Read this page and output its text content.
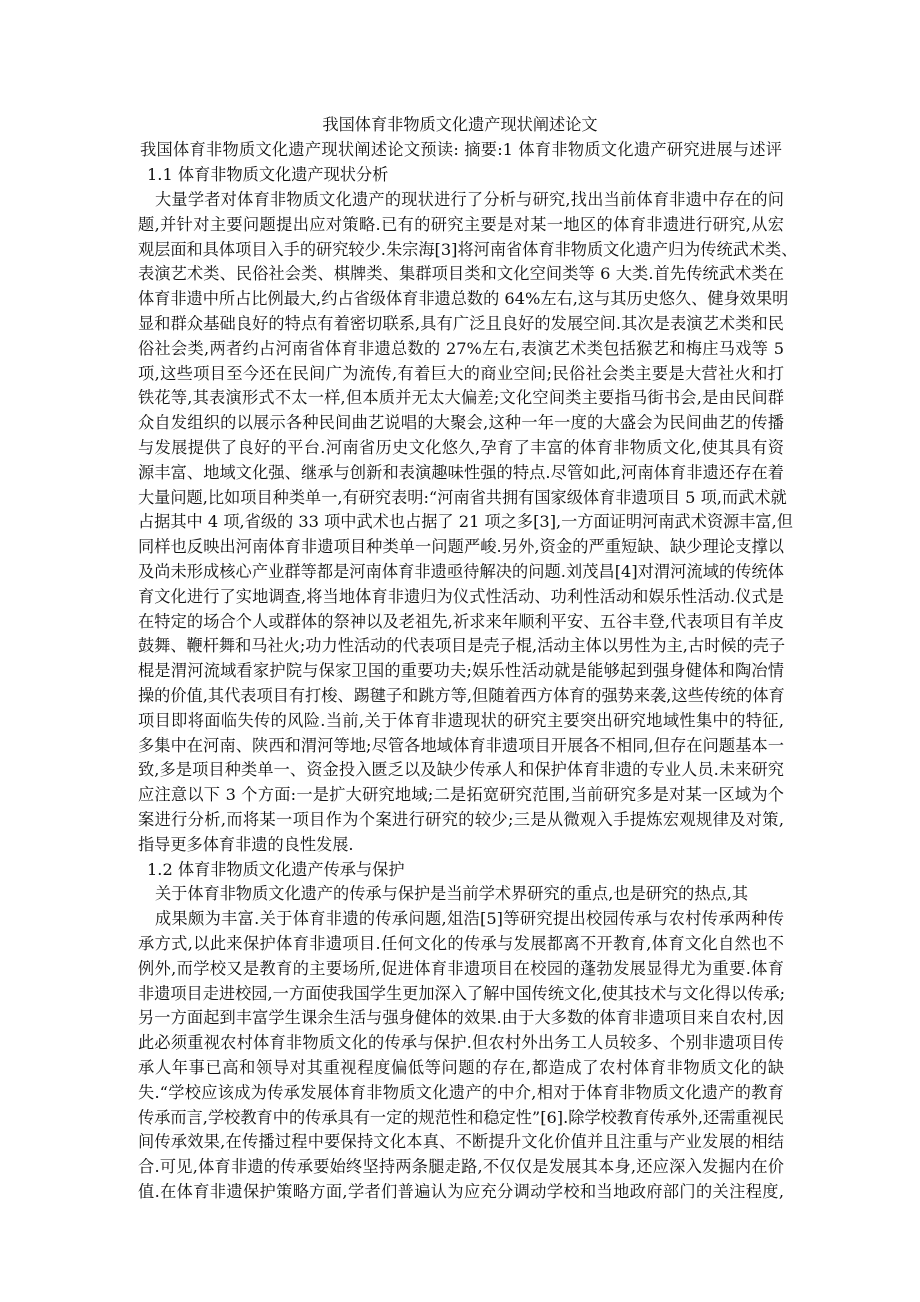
我国体育非物质文化遗产现状阐述论文
我国体育非物质文化遗产现状阐述论文预读: 摘要:1 体育非物质文化遗产研究进展与述评
1.1 体育非物质文化遗产现状分析
大量学者对体育非物质文化遗产的现状进行了分析与研究,找出当前体育非遗中存在的问
题,并针对主要问题提出应对策略.已有的研究主要是对某一地区的体育非遗进行研究,从宏
观层面和具体项目入手的研究较少.朱宗海[3]将河南省体育非物质文化遗产归为传统武术类、
表演艺术类、民俗社会类、棋牌类、集群项目类和文化空间类等 6 大类.首先传统武术类在
体育非遗中所占比例最大,约占省级体育非遗总数的 64%左右,这与其历史悠久、健身效果明
显和群众基础良好的特点有着密切联系,具有广泛且良好的发展空间.其次是表演艺术类和民
俗社会类,两者约占河南省体育非遗总数的 27%左右,表演艺术类包括猴艺和梅庄马戏等 5
项,这些项目至今还在民间广为流传,有着巨大的商业空间;民俗社会类主要是大营社火和打
铁花等,其表演形式不太一样,但本质并无太大偏差;文化空间类主要指马街书会,是由民间群
众自发组织的以展示各种民间曲艺说唱的大聚会,这种一年一度的大盛会为民间曲艺的传播
与发展提供了良好的平台.河南省历史文化悠久,孕育了丰富的体育非物质文化,使其具有资
源丰富、地域文化强、继承与创新和表演趣味性强的特点.尽管如此,河南体育非遗还存在着
大量问题,比如项目种类单一,有研究表明:“河南省共拥有国家级体育非遗项目 5 项,而武术就
占据其中 4 项,省级的 33 项中武术也占据了 21 项之多[3],一方面证明河南武术资源丰富,但
同样也反映出河南体育非遗项目种类单一问题严峻.另外,资金的严重短缺、缺少理论支撑以
及尚未形成核心产业群等都是河南体育非遗亟待解决的问题.刘茂昌[4]对渭河流域的传统体
育文化进行了实地调查,将当地体育非遗归为仪式性活动、功利性活动和娱乐性活动.仪式是
在特定的场合个人或群体的祭神以及老祖先,祈求来年顺利平安、五谷丰登,代表项目有羊皮
鼓舞、鞭杆舞和马社火;功力性活动的代表项目是壳子棍,活动主体以男性为主,古时候的壳子
棍是渭河流域看家护院与保家卫国的重要功夫;娱乐性活动就是能够起到强身健体和陶冶情
操的价值,其代表项目有打梭、踢毽子和跳方等,但随着西方体育的强势来袭,这些传统的体育
项目即将面临失传的风险.当前,关于体育非遗现状的研究主要突出研究地域性集中的特征,
多集中在河南、陕西和渭河等地;尽管各地域体育非遗项目开展各不相同,但存在问题基本一
致,多是项目种类单一、资金投入匮乏以及缺少传承人和保护体育非遗的专业人员.未来研究
应注意以下 3 个方面:一是扩大研究地域;二是拓宽研究范围,当前研究多是对某一区域为个
案进行分析,而将某一项目作为个案进行研究的较少;三是从微观入手提炼宏观规律及对策,
指导更多体育非遗的良性发展.
1.2 体育非物质文化遗产传承与保护
关于体育非物质文化遗产的传承与保护是当前学术界研究的重点,也是研究的热点,其
成果颇为丰富.关于体育非遗的传承问题,俎浩[5]等研究提出校园传承与农村传承两种传
承方式,以此来保护体育非遗项目.任何文化的传承与发展都离不开教育,体育文化自然也不
例外,而学校又是教育的主要场所,促进体育非遗项目在校园的蓬勃发展显得尤为重要.体育
非遗项目走进校园,一方面使我国学生更加深入了解中国传统文化,使其技术与文化得以传承;
另一方面起到丰富学生课余生活与强身健体的效果.由于大多数的体育非遗项目来自农村,因
此必须重视农村体育非物质文化的传承与保护.但农村外出务工人员较多、个别非遗项目传
承人年事已高和领导对其重视程度偏低等问题的存在,都造成了农村体育非物质文化的缺
失.“学校应该成为传承发展体育非物质文化遗产的中介,相对于体育非物质文化遗产的教育
传承而言,学校教育中的传承具有一定的规范性和稳定性”[6].除学校教育传承外,还需重视民
间传承效果,在传播过程中要保持文化本真、不断提升文化价值并且注重与产业发展的相结
合.可见,体育非遗的传承要始终坚持两条腿走路,不仅仅是发展其本身,还应深入发掘内在价
值.在体育非遗保护策略方面,学者们普遍认为应充分调动学校和当地政府部门的关注程度,
